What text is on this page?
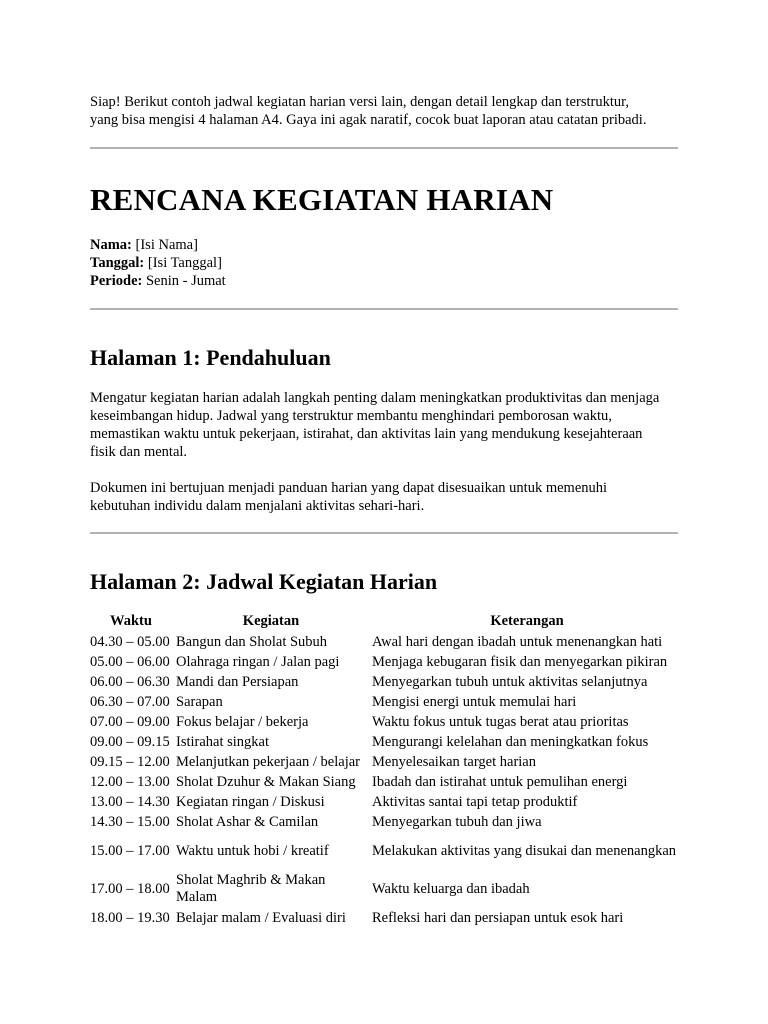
Siap! Berikut contoh jadwal kegiatan harian versi lain, dengan detail lengkap dan terstruktur,
yang bisa mengisi 4 halaman A4. Gaya ini agak naratif, cocok buat laporan atau catatan pribadi.
RENCANA KEGIATAN HARIAN
Nama: [Isi Nama]
Tanggal: [Isi Tanggal]
Periode: Senin - Jumat
Halaman 1: Pendahuluan
Mengatur kegiatan harian adalah langkah penting dalam meningkatkan produktivitas dan menjaga keseimbangan hidup. Jadwal yang terstruktur membantu menghindari pemborosan waktu, memastikan waktu untuk pekerjaan, istirahat, dan aktivitas lain yang mendukung kesejahteraan fisik dan mental.
Dokumen ini bertujuan menjadi panduan harian yang dapat disesuaikan untuk memenuhi kebutuhan individu dalam menjalani aktivitas sehari-hari.
Halaman 2: Jadwal Kegiatan Harian
Waktu	Kegiatan	Keterangan
04.30 – 05.00	Bangun dan Sholat Subuh	Awal hari dengan ibadah untuk menenangkan hati
05.00 – 06.00	Olahraga ringan / Jalan pagi	Menjaga kebugaran fisik dan menyegarkan pikiran
06.00 – 06.30	Mandi dan Persiapan	Menyegarkan tubuh untuk aktivitas selanjutnya
06.30 – 07.00	Sarapan	Mengisi energi untuk memulai hari
07.00 – 09.00	Fokus belajar / bekerja	Waktu fokus untuk tugas berat atau prioritas
09.00 – 09.15	Istirahat singkat	Mengurangi kelelahan dan meningkatkan fokus
09.15 – 12.00	Melanjutkan pekerjaan / belajar	Menyelesaikan target harian
12.00 – 13.00	Sholat Dzuhur & Makan Siang	Ibadah dan istirahat untuk pemulihan energi
13.00 – 14.30	Kegiatan ringan / Diskusi	Aktivitas santai tapi tetap produktif
14.30 – 15.00	Sholat Ashar & Camilan	Menyegarkan tubuh dan jiwa
15.00 – 17.00	Waktu untuk hobi / kreatif	Melakukan aktivitas yang disukai dan menenangkan
17.00 – 18.00	Sholat Maghrib & Makan Malam	Waktu keluarga dan ibadah
18.00 – 19.30	Belajar malam / Evaluasi diri	Refleksi hari dan persiapan untuk esok hari
